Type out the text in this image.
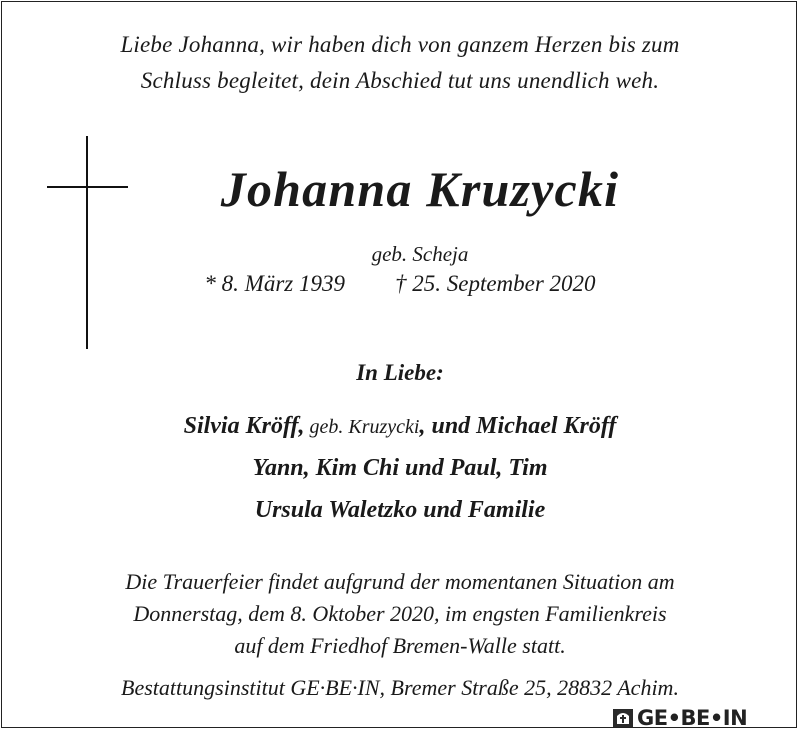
Liebe Johanna, wir haben dich von ganzem Herzen bis zum
Schluss begleitet, dein Abschied tut uns unendlich weh.
Johanna Kruzycki
geb. Scheja
* 8. März 1939 † 25. September 2020
In Liebe:
Silvia Kröff, geb. Kruzycki, und Michael Kröff
Yann, Kim Chi und Paul, Tim
Ursula Waletzko und Familie
Die Trauerfeier findet aufgrund der momentanen Situation am
Donnerstag, dem 8. Oktober 2020, im engsten Familienkreis
auf dem Friedhof Bremen-Walle statt.
Bestattungsinstitut GE·BE·IN, Bremer Straße 25, 28832 Achim.
GE•BE•IN
